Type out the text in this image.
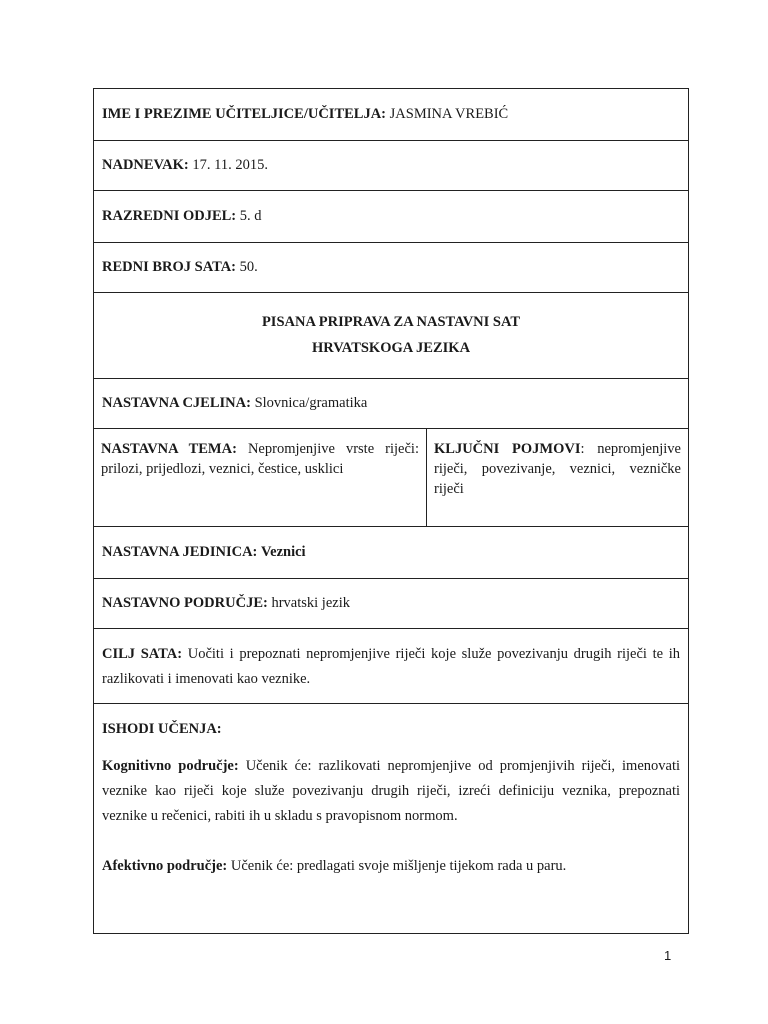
IME I PREZIME UČITELJICE/UČITELJA:
JASMINA VREBIĆ
NADNEVAK:
17. 11. 2015.
RAZREDNI ODJEL:
5. d
REDNI BROJ SATA:
50.
PISANA PRIPRAVA ZA NASTAVNI SAT
HRVATSKOGA JEZIKA
NASTAVNA CJELINA:
Slovnica/gramatika
NASTAVNA TEMA: Nepromjenjive vrste riječi: prilozi, prijedlozi, veznici, čestice, usklici
KLJUČNI POJMOVI: nepromjenjive riječi, povezivanje, veznici, vezničke riječi
NASTAVNA JEDINICA:
Veznici
NASTAVNO PODRUČJE:
hrvatski jezik
CILJ SATA: Uočiti i prepoznati nepromjenjive riječi koje služe povezivanju drugih riječi te ih razlikovati i imenovati kao veznike.
ISHODI UČENJA:
Kognitivno područje: Učenik će: razlikovati nepromjenjive od promjenjivih riječi, imenovati veznike kao riječi koje služe povezivanju drugih riječi, izreći definiciju veznika, prepoznati veznike u rečenici, rabiti ih u skladu s pravopisnom normom.
Afektivno područje: Učenik će: predlagati svoje mišljenje tijekom rada u paru.
1
